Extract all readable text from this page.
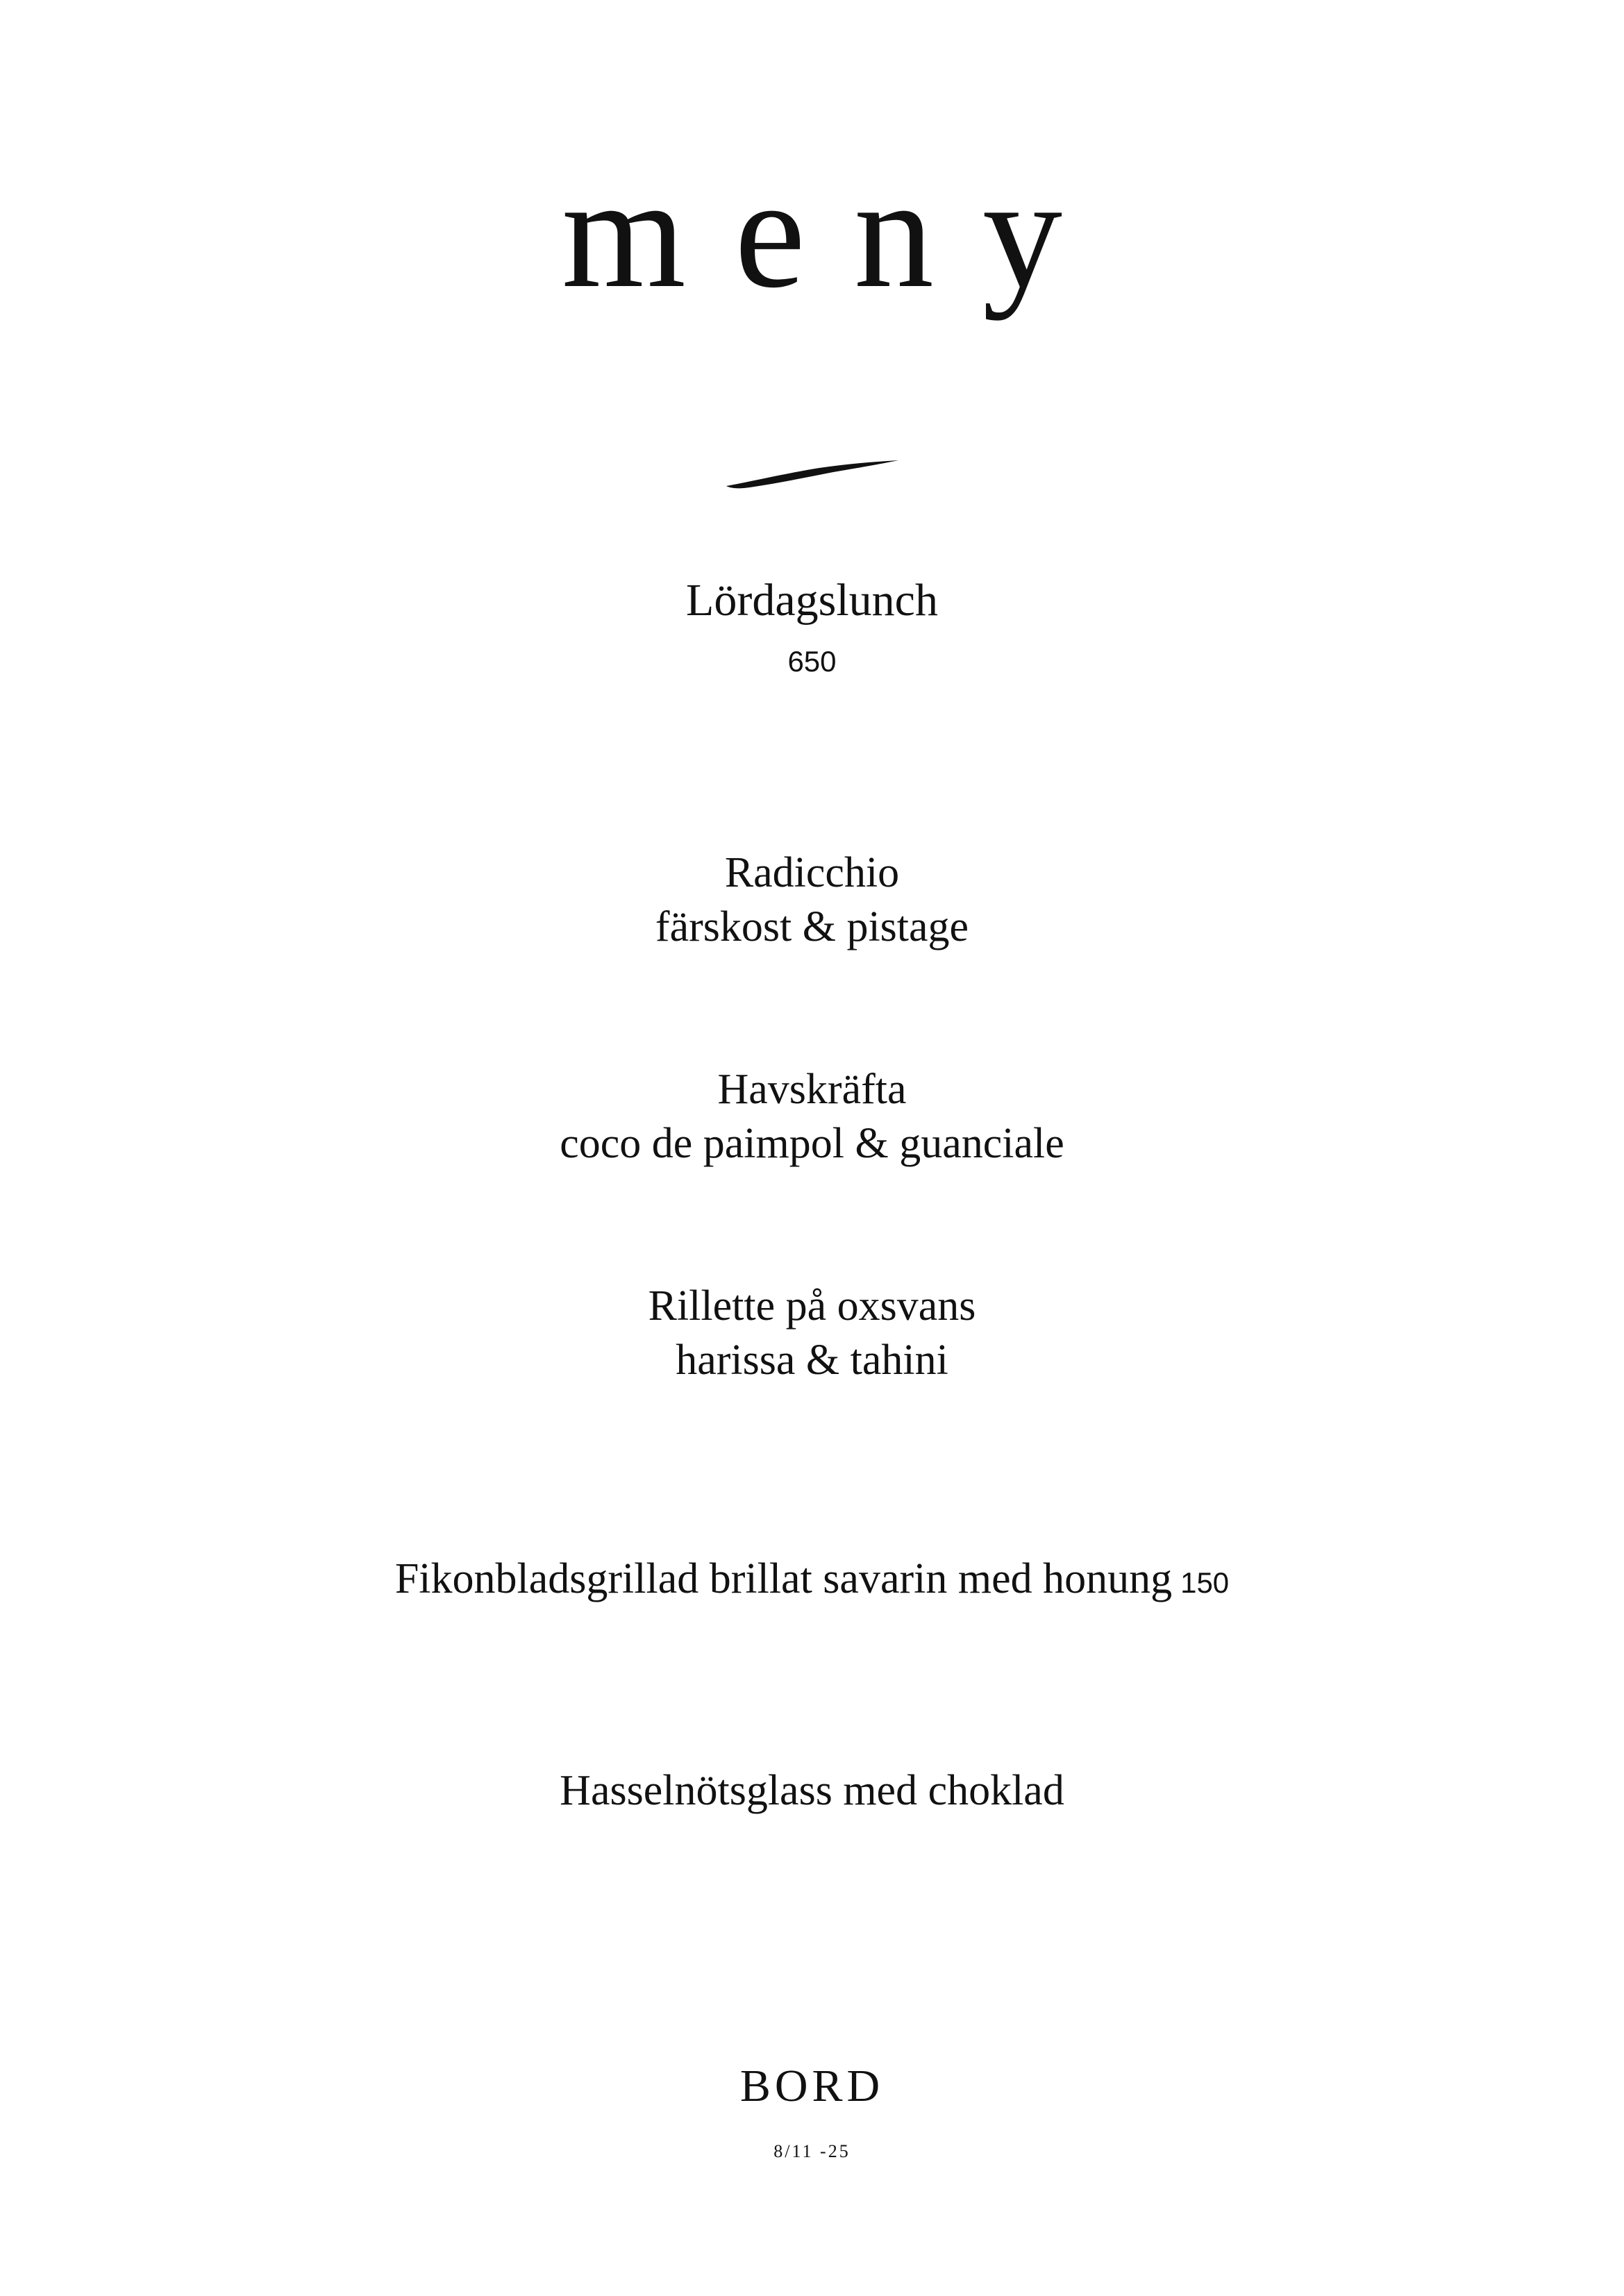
meny
Lördagslunch
650
Radicchio
färskost & pistage
Havskräfta
coco de paimpol & guanciale
Rillette på oxsvans
harissa & tahini
Fikonbladsgrillad brillat savarin med honung 150
Hasselnötsglass med choklad
BORD
8/11 -25
